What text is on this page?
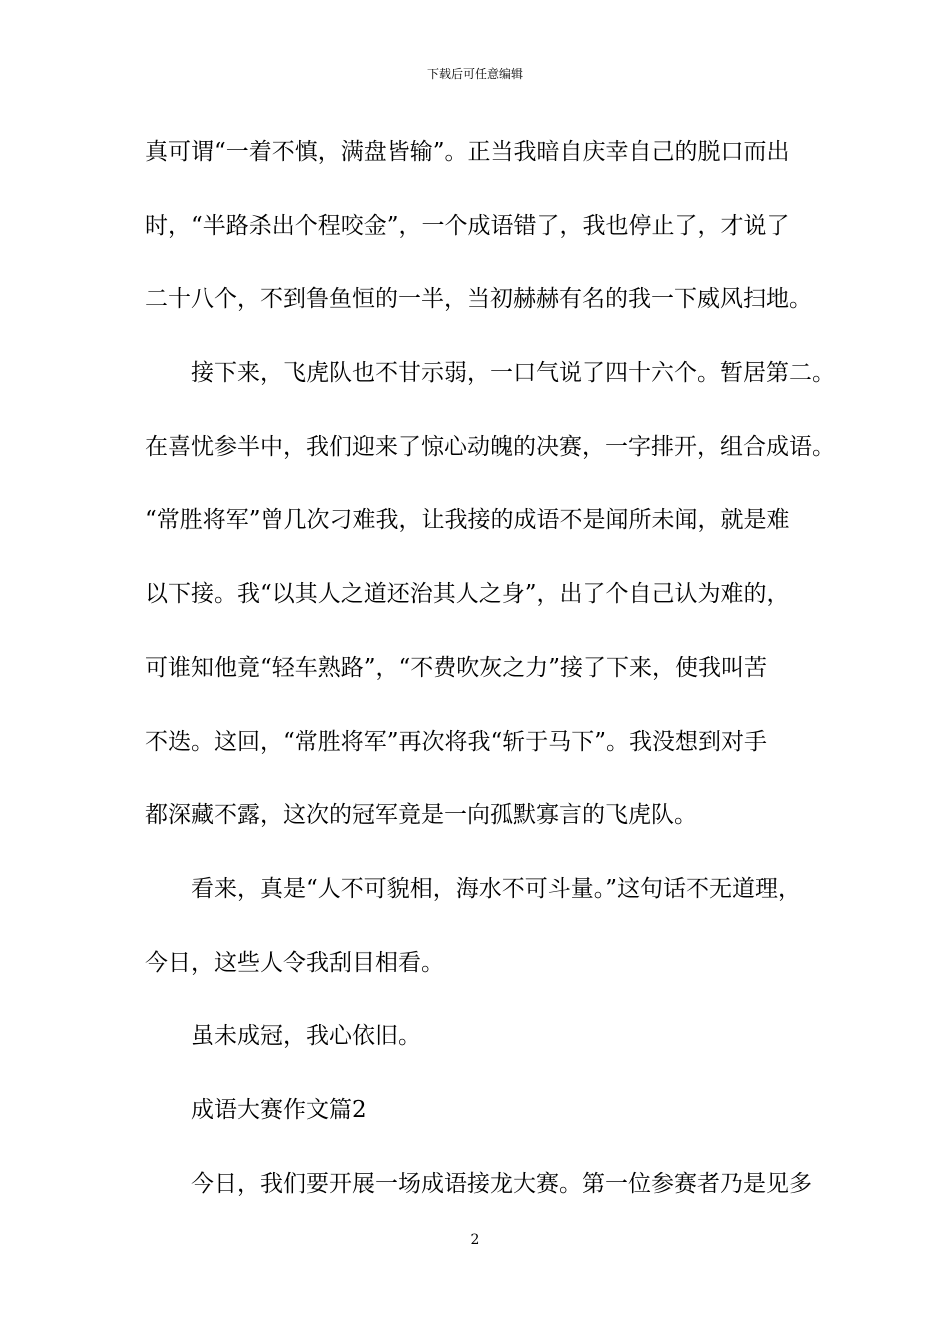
下载后可任意编辑
真可谓“一着不慎，满盘皆输”。正当我暗自庆幸自己的脱口而出
时，“半路杀出个程咬金”，一个成语错了，我也停止了，才说了
二十八个，不到鲁鱼恒的一半，当初赫赫有名的我一下威风扫地。
接下来，飞虎队也不甘示弱，一口气说了四十六个。暂居第二。
在喜忧参半中，我们迎来了惊心动魄的决赛，一字排开，组合成语。
“常胜将军”曾几次刁难我，让我接的成语不是闻所未闻，就是难
以下接。我“以其人之道还治其人之身”，出了个自己认为难的，
可谁知他竟“轻车熟路”，“不费吹灰之力”接了下来，使我叫苦
不迭。这回，“常胜将军”再次将我“斩于马下”。我没想到对手
都深藏不露，这次的冠军竟是一向孤默寡言的飞虎队。
看来，真是“人不可貌相，海水不可斗量。”这句话不无道理，
今日，这些人令我刮目相看。
虽未成冠，我心依旧。
成语大赛作文篇2
今日，我们要开展一场成语接龙大赛。第一位参赛者乃是见多
2
